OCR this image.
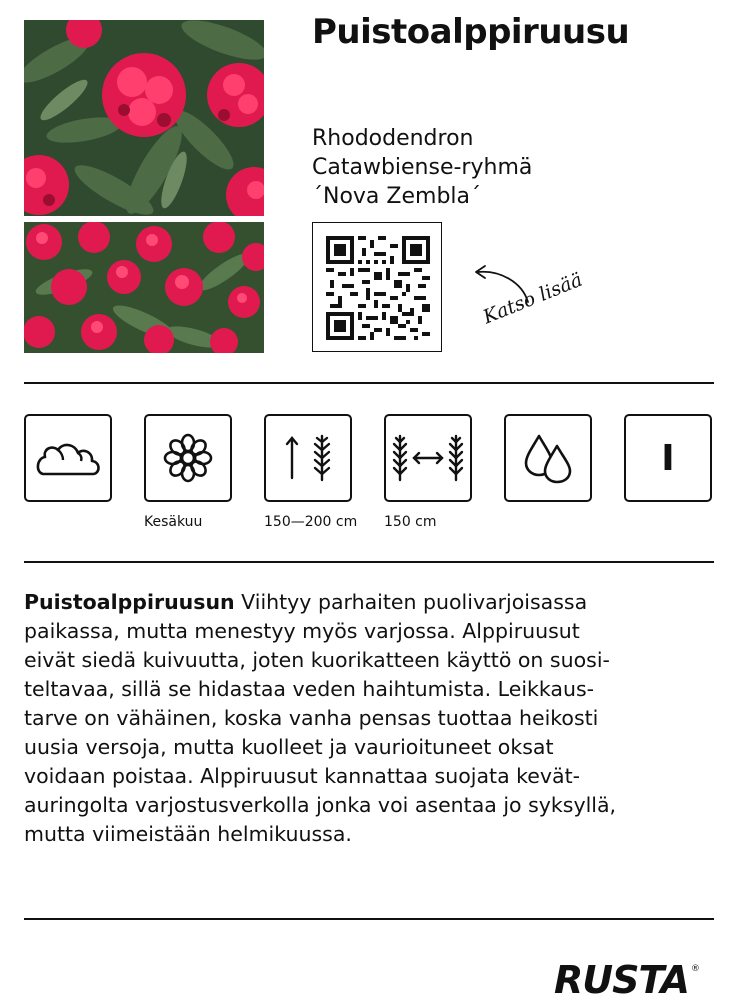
Puistoalppiruusu
Rhododendron
Catawbiense-ryhmä
´Nova Zembla´
Katso lisää
I
Kesäkuu	150—200 cm 150 cm
Puistoalppiruusun Viihtyy parhaiten puolivarjoisassa
paikassa, mutta menestyy myös varjossa. Alppiruusut
eivät siedä kuivuutta, joten kuorikatteen käyttö on suosi-
teltavaa, sillä se hidastaa veden haihtumista. Leikkaus-
tarve on vähäinen, koska vanha pensas tuottaa heikosti
uusia versoja, mutta kuolleet ja vaurioituneet oksat
voidaan poistaa. Alppiruusut kannattaa suojata kevät-
auringolta varjostusverkolla jonka voi asentaa jo syksyllä,
mutta viimeistään helmikuussa.
RUSTA ®
